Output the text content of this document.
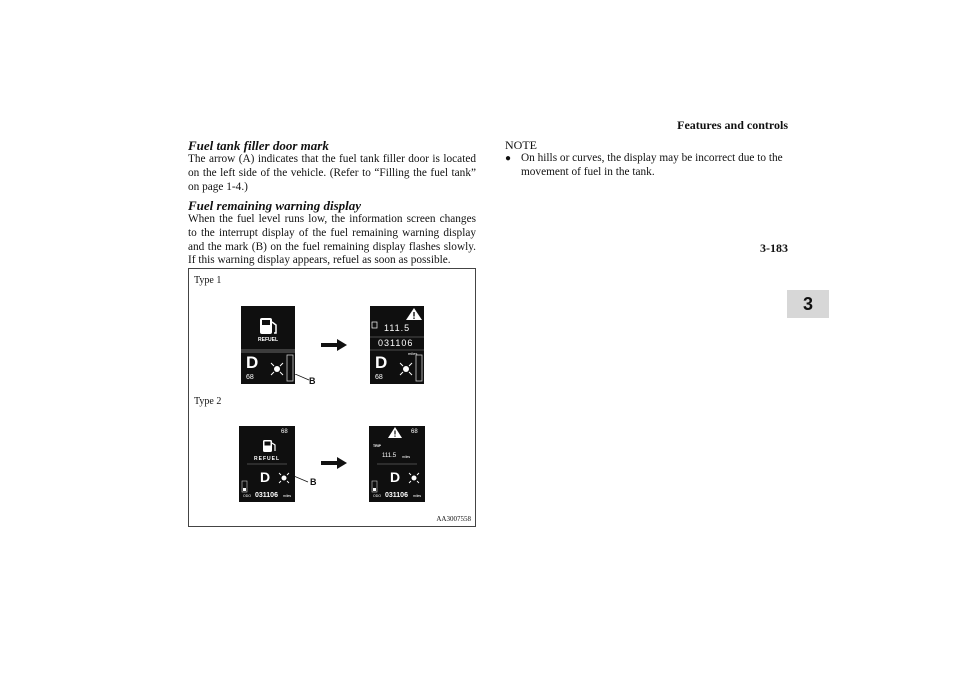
Features and controls
3-183
3
Fuel tank filler door mark
The arrow (A) indicates that the fuel tank filler door is located on the left side of the vehicle. (Refer to “Filling the fuel tank” on page 1-4.)
Fuel remaining warning display
When the fuel level runs low, the information screen changes to the interrupt display of the fuel remaining warning display and the mark (B) on the fuel remaining display flashes slowly. If this warning display appears, refuel as soon as possible.
NOTE
● On hills or curves, the display may be incorrect due to the movement of fuel in the tank.
Type 1
Type 2
REFUEL
D
68	B
111.5
031106
miles
D
68
68
REFUEL
D
ODO 031106 miles
B
68
TRIP
111.5 miles
D
ODO 031106 miles
AA3007558
